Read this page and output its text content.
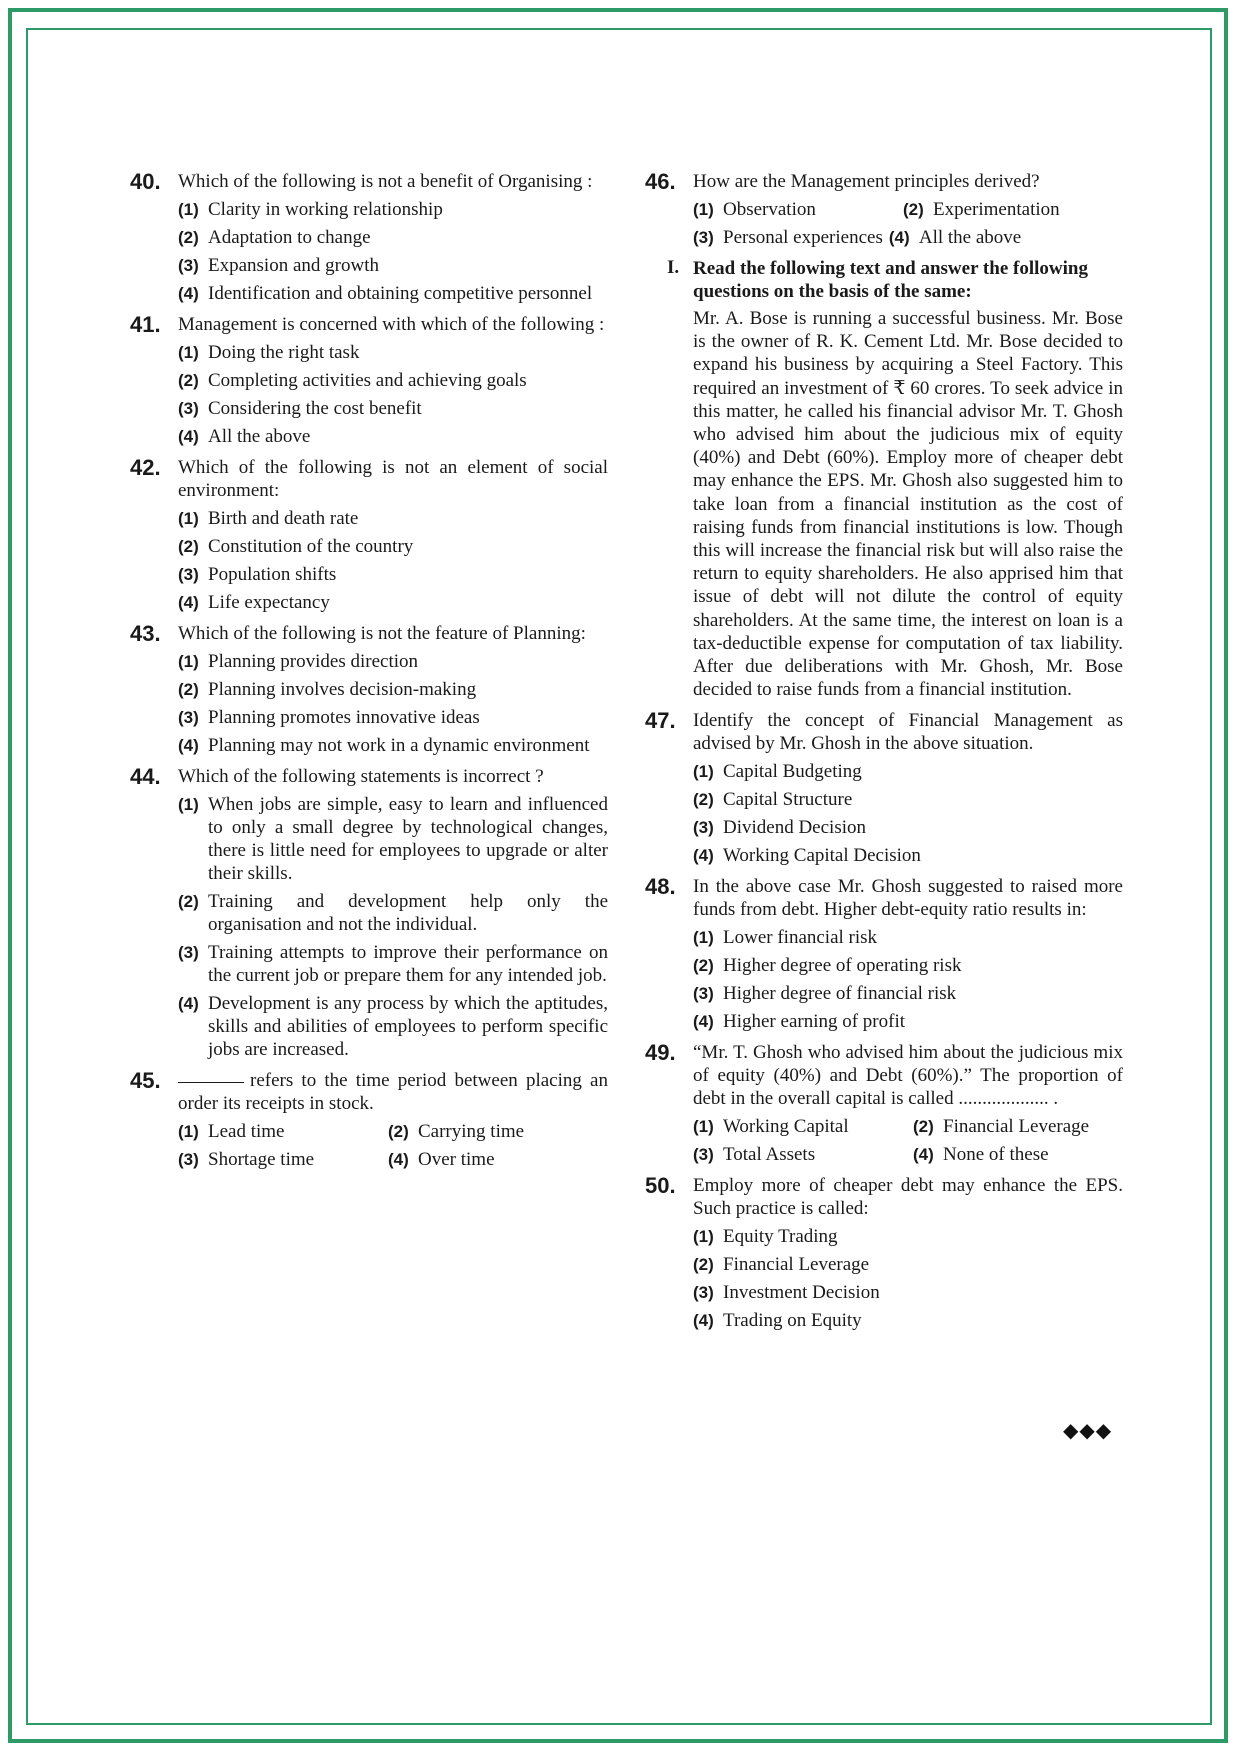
40. Which of the following is not a benefit of Organising :
(1) Clarity in working relationship
(2) Adaptation to change
(3) Expansion and growth
(4) Identification and obtaining competitive personnel
41. Management is concerned with which of the following :
(1) Doing the right task
(2) Completing activities and achieving goals
(3) Considering the cost benefit
(4) All the above
42. Which of the following is not an element of social environment:
(1) Birth and death rate
(2) Constitution of the country
(3) Population shifts
(4) Life expectancy
43. Which of the following is not the feature of Planning:
(1) Planning provides direction
(2) Planning involves decision-making
(3) Planning promotes innovative ideas
(4) Planning may not work in a dynamic environment
44. Which of the following statements is incorrect ?
(1) When jobs are simple, easy to learn and influenced to only a small degree by technological changes, there is little need for employees to upgrade or alter their skills.
(2) Training and development help only the organisation and not the individual.
(3) Training attempts to improve their performance on the current job or prepare them for any intended job.
(4) Development is any process by which the aptitudes, skills and abilities of employees to perform specific jobs are increased.
45.	refers to the time period between placing an order its receipts in stock.
(1) Lead time	(2) Carrying time
(3) Shortage time	(4) Over time
46. How are the Management principles derived?
(1) Observation	(2) Experimentation
(3) Personal experiences (4) All the above
I. Read the following text and answer the following questions on the basis of the same:
Mr. A. Bose is running a successful business. Mr. Bose is the owner of R. K. Cement Ltd. Mr. Bose decided to expand his business by acquiring a Steel Factory. This required an investment of ₹ 60 crores. To seek advice in this matter, he called his financial advisor Mr. T. Ghosh who advised him about the judicious mix of equity (40%) and Debt (60%). Employ more of cheaper debt may enhance the EPS. Mr. Ghosh also suggested him to take loan from a financial institution as the cost of raising funds from financial institutions is low. Though this will increase the financial risk but will also raise the return to equity shareholders. He also apprised him that issue of debt will not dilute the control of equity shareholders. At the same time, the interest on loan is a tax-deductible expense for computation of tax liability. After due deliberations with Mr. Ghosh, Mr. Bose decided to raise funds from a financial institution.
47. Identify the concept of Financial Management as advised by Mr. Ghosh in the above situation.
(1) Capital Budgeting
(2) Capital Structure
(3) Dividend Decision
(4) Working Capital Decision
48. In the above case Mr. Ghosh suggested to raised more funds from debt. Higher debt-equity ratio results in:
(1) Lower financial risk
(2) Higher degree of operating risk
(3) Higher degree of financial risk
(4) Higher earning of profit
49. “Mr. T. Ghosh who advised him about the judicious mix of equity (40%) and Debt (60%).” The proportion of debt in the overall capital is called ................... .
(1) Working Capital	(2) Financial Leverage
(3) Total Assets	(4) None of these
50. Employ more of cheaper debt may enhance the EPS. Such practice is called:
(1) Equity Trading
(2) Financial Leverage
(3) Investment Decision
(4) Trading on Equity
◆◆◆
